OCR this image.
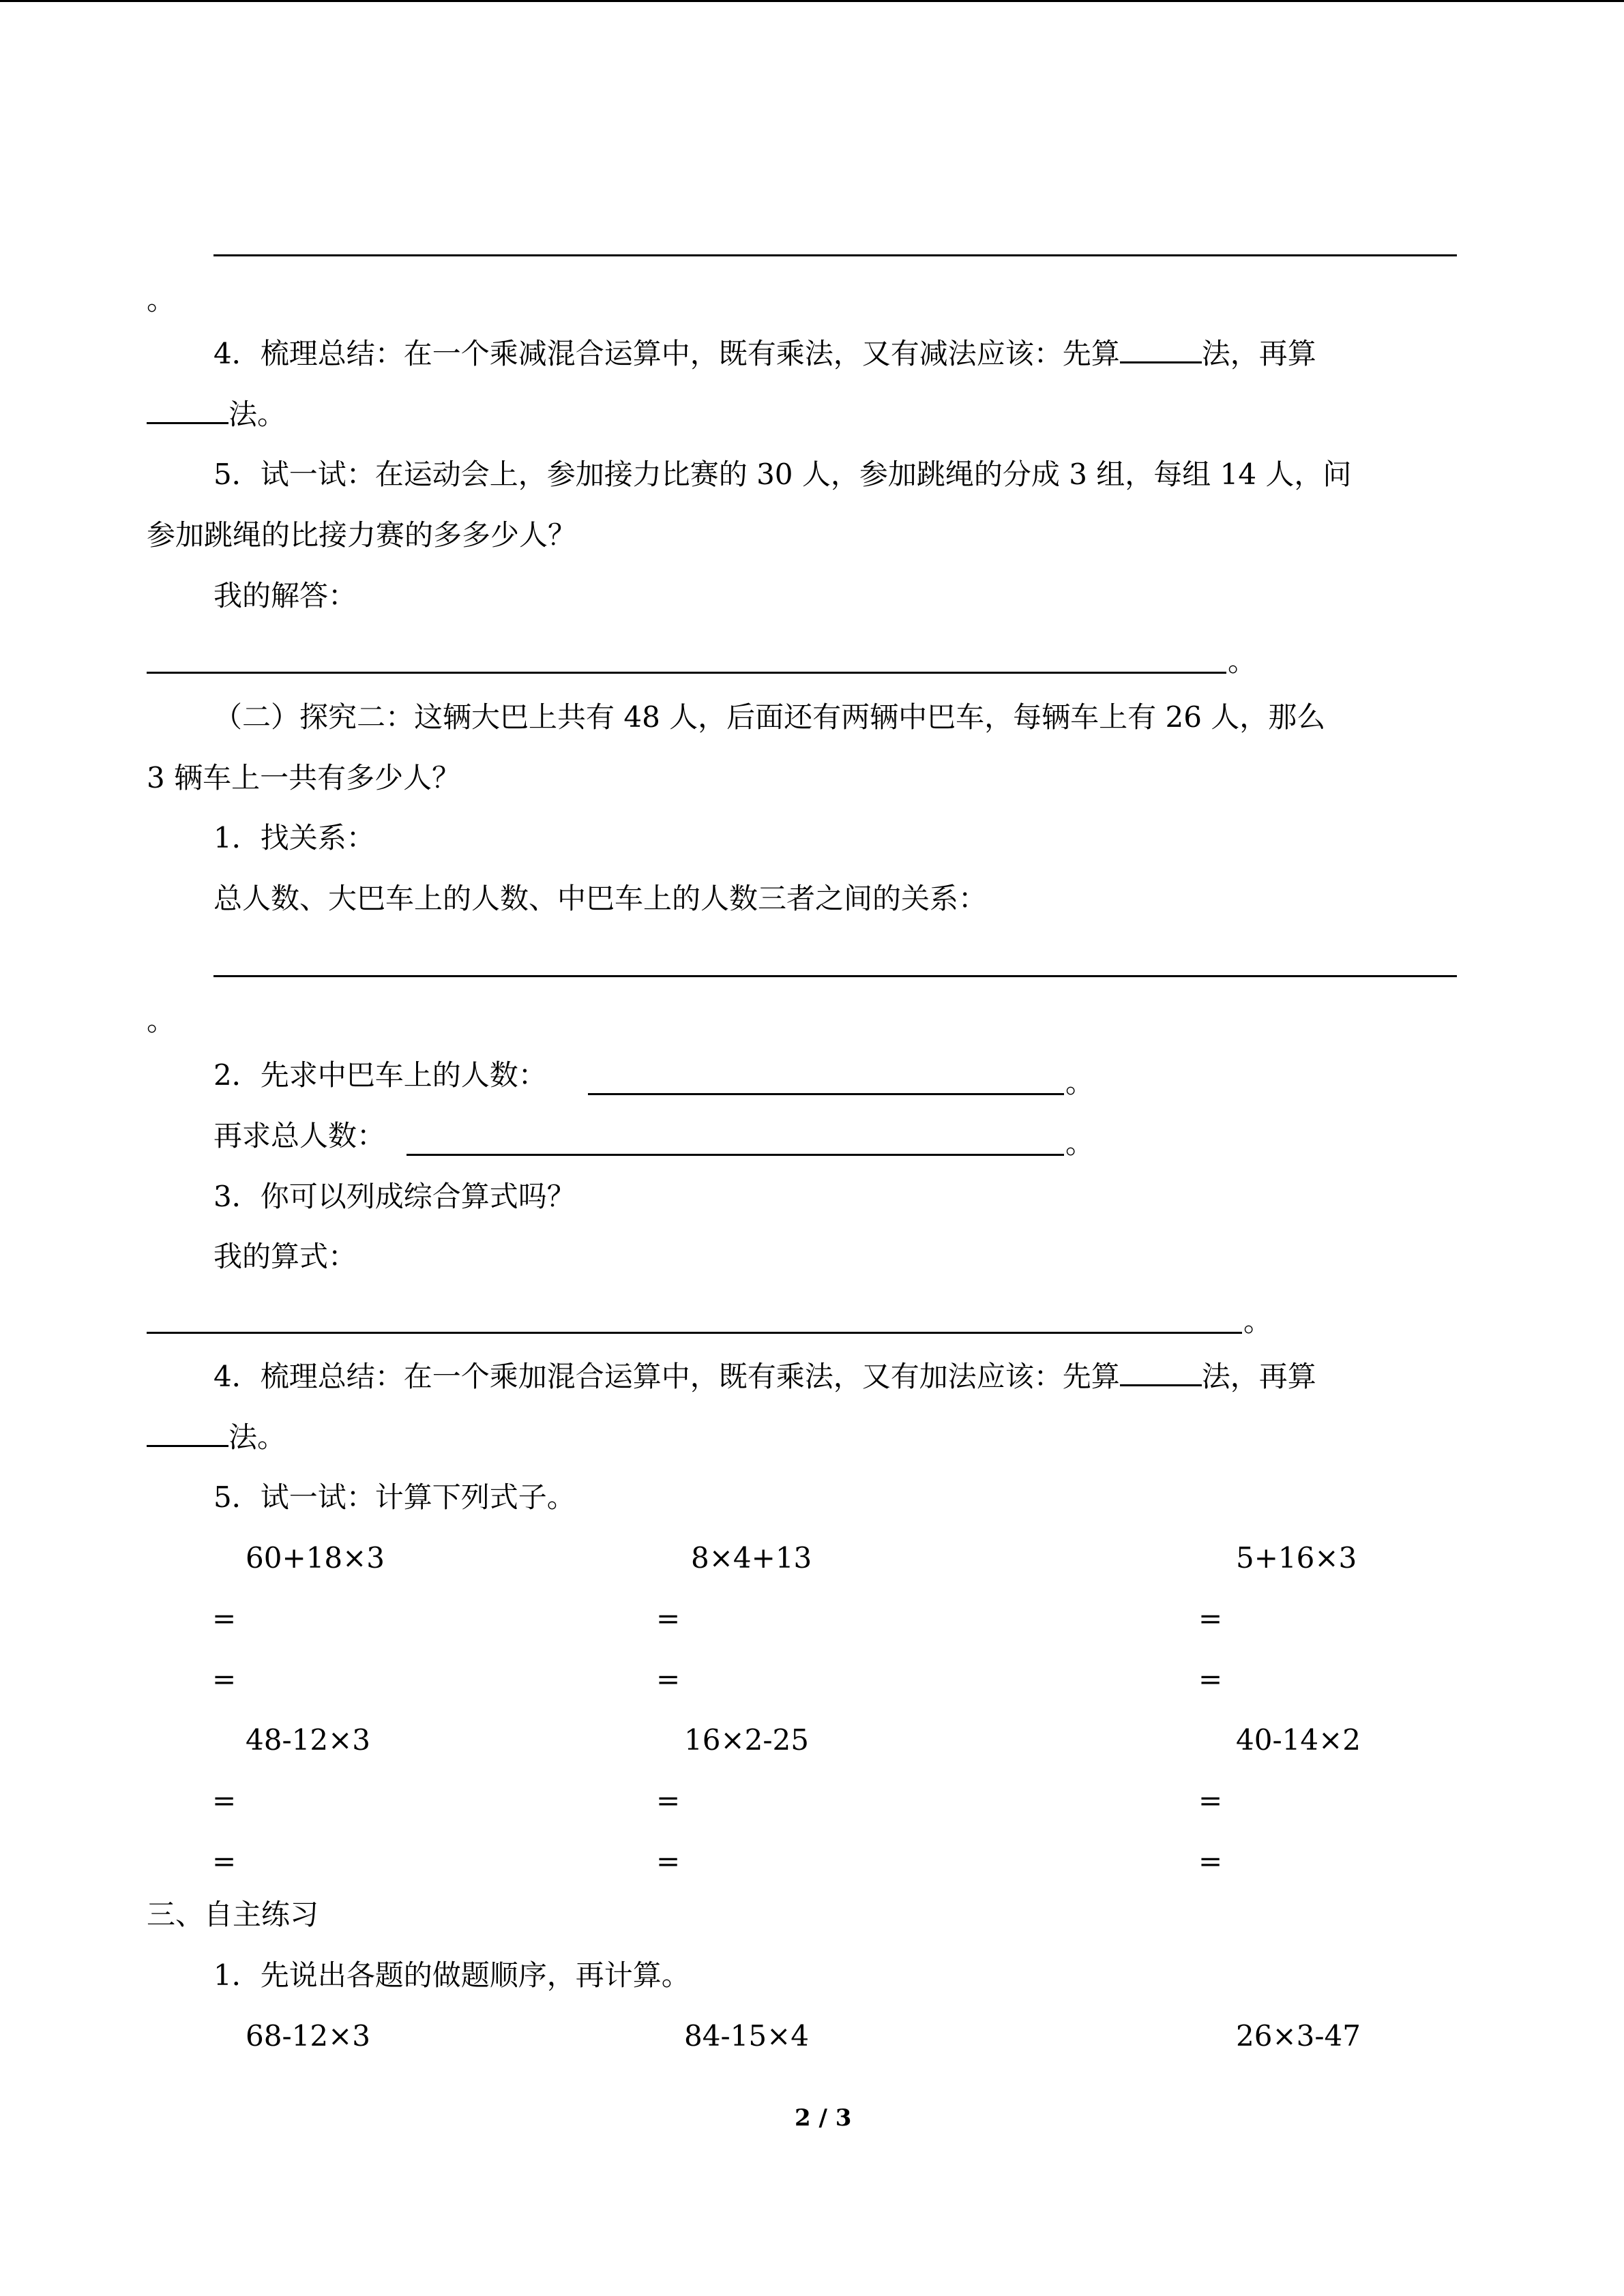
。
4．梳理总结：在一个乘减混合运算中，既有乘法，又有减法应该：先算	法，再算
法。
5．试一试：在运动会上，参加接力比赛的 30 人，参加跳绳的分成 3 组，每组 14 人，问
参加跳绳的比接力赛的多多少人？
我的解答：
。
（二）探究二：这辆大巴上共有 48 人，后面还有两辆中巴车，每辆车上有 26 人，那么
3 辆车上一共有多少人？
1．找关系：
总人数、大巴车上的人数、中巴车上的人数三者之间的关系：
。
2．先求中巴车上的人数：	。
再求总人数：	。
3．你可以列成综合算式吗？
我的算式：
。
4．梳理总结：在一个乘加混合运算中，既有乘法，又有加法应该：先算	法，再算
法。
5．试一试：计算下列式子。
60+18×3	8×4+13	5+16×3
=	=	=
=	=	=
48-12×3	16×2-25	40-14×2
=	=	=
=	=	=
三、自主练习
1．先说出各题的做题顺序，再计算。
68-12×3	84-15×4	26×3-47
2 / 3
